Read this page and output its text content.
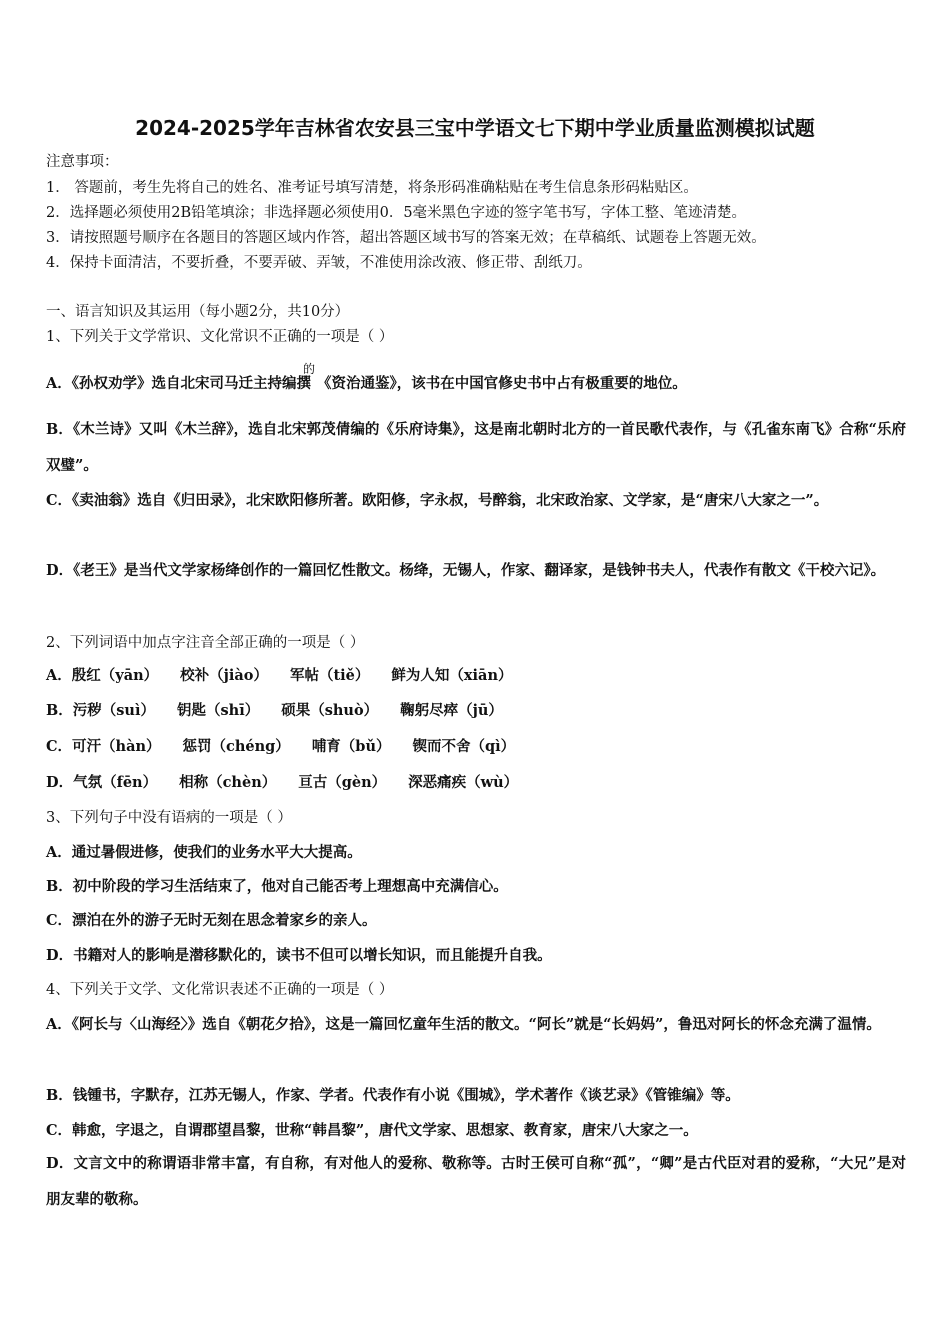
2024-2025学年吉林省农安县三宝中学语文七下期中学业质量监测模拟试题
注意事项：
1． 答题前，考生先将自己的姓名、准考证号填写清楚，将条形码准确粘贴在考生信息条形码粘贴区。
2．选择题必须使用2B铅笔填涂；非选择题必须使用0．5毫米黑色字迹的签字笔书写，字体工整、笔迹清楚。
3．请按照题号顺序在各题目的答题区域内作答，超出答题区域书写的答案无效；在草稿纸、试题卷上答题无效。
4．保持卡面清洁，不要折叠，不要弄破、弄皱，不准使用涂改液、修正带、刮纸刀。
一、语言知识及其运用（每小题2分，共10分）
1、下列关于文学常识、文化常识不正确的一项是（ ）
A．《孙权劝学》选自北宋司马迁主持编撰
的
《资治通鉴》，该书在中国官修史书中占有极重要的地位。
B．《木兰诗》又叫《木兰辞》，选自北宋郭茂倩编的《乐府诗集》，这是南北朝时北方的一首民歌代表作，与《孔雀东南飞》合称“乐府双璧”。
C．《卖油翁》选自《归田录》，北宋欧阳修所著。欧阳修，字永叔，号醉翁，北宋政治家、文学家，是“唐宋八大家之一”。
D．《老王》是当代文学家杨绛创作的一篇回忆性散文。杨绛，无锡人，作家、翻译家，是钱钟书夫人，代表作有散文《干校六记》。
2、下列词语中加点字注音全部正确的一项是（ ）
A．殷红（yān） 校补（jiào） 军帖（tiě） 鲜为人知（xiān）
B．污秽（suì） 钥匙（shī） 硕果（shuò） 鞠躬尽瘁（jū）
C．可汗（hàn） 惩罚（chéng） 哺育（bǔ） 锲而不舍（qì）
D．气氛（fēn） 相称（chèn） 亘古（gèn） 深恶痛疾（wù）
3、下列句子中没有语病的一项是（ ）
A．通过暑假进修，使我们的业务水平大大提高。
B．初中阶段的学习生活结束了，他对自己能否考上理想高中充满信心。
C．漂泊在外的游子无时无刻在思念着家乡的亲人。
D．书籍对人的影响是潜移默化的，读书不但可以增长知识，而且能提升自我。
4、下列关于文学、文化常识表述不正确的一项是（ ）
A．《阿长与〈山海经〉》选自《朝花夕拾》，这是一篇回忆童年生活的散文。“阿长”就是“长妈妈”，鲁迅对阿长的怀念充满了温情。
B．钱锺书，字默存，江苏无锡人，作家、学者。代表作有小说《围城》，学术著作《谈艺录》《管锥编》等。
C．韩愈，字退之，自谓郡望昌黎，世称“韩昌黎”，唐代文学家、思想家、教育家，唐宋八大家之一。
D．文言文中的称谓语非常丰富，有自称，有对他人的爱称、敬称等。古时王侯可自称“孤”，“卿”是古代臣对君的爱称，“大兄”是对朋友辈的敬称。
